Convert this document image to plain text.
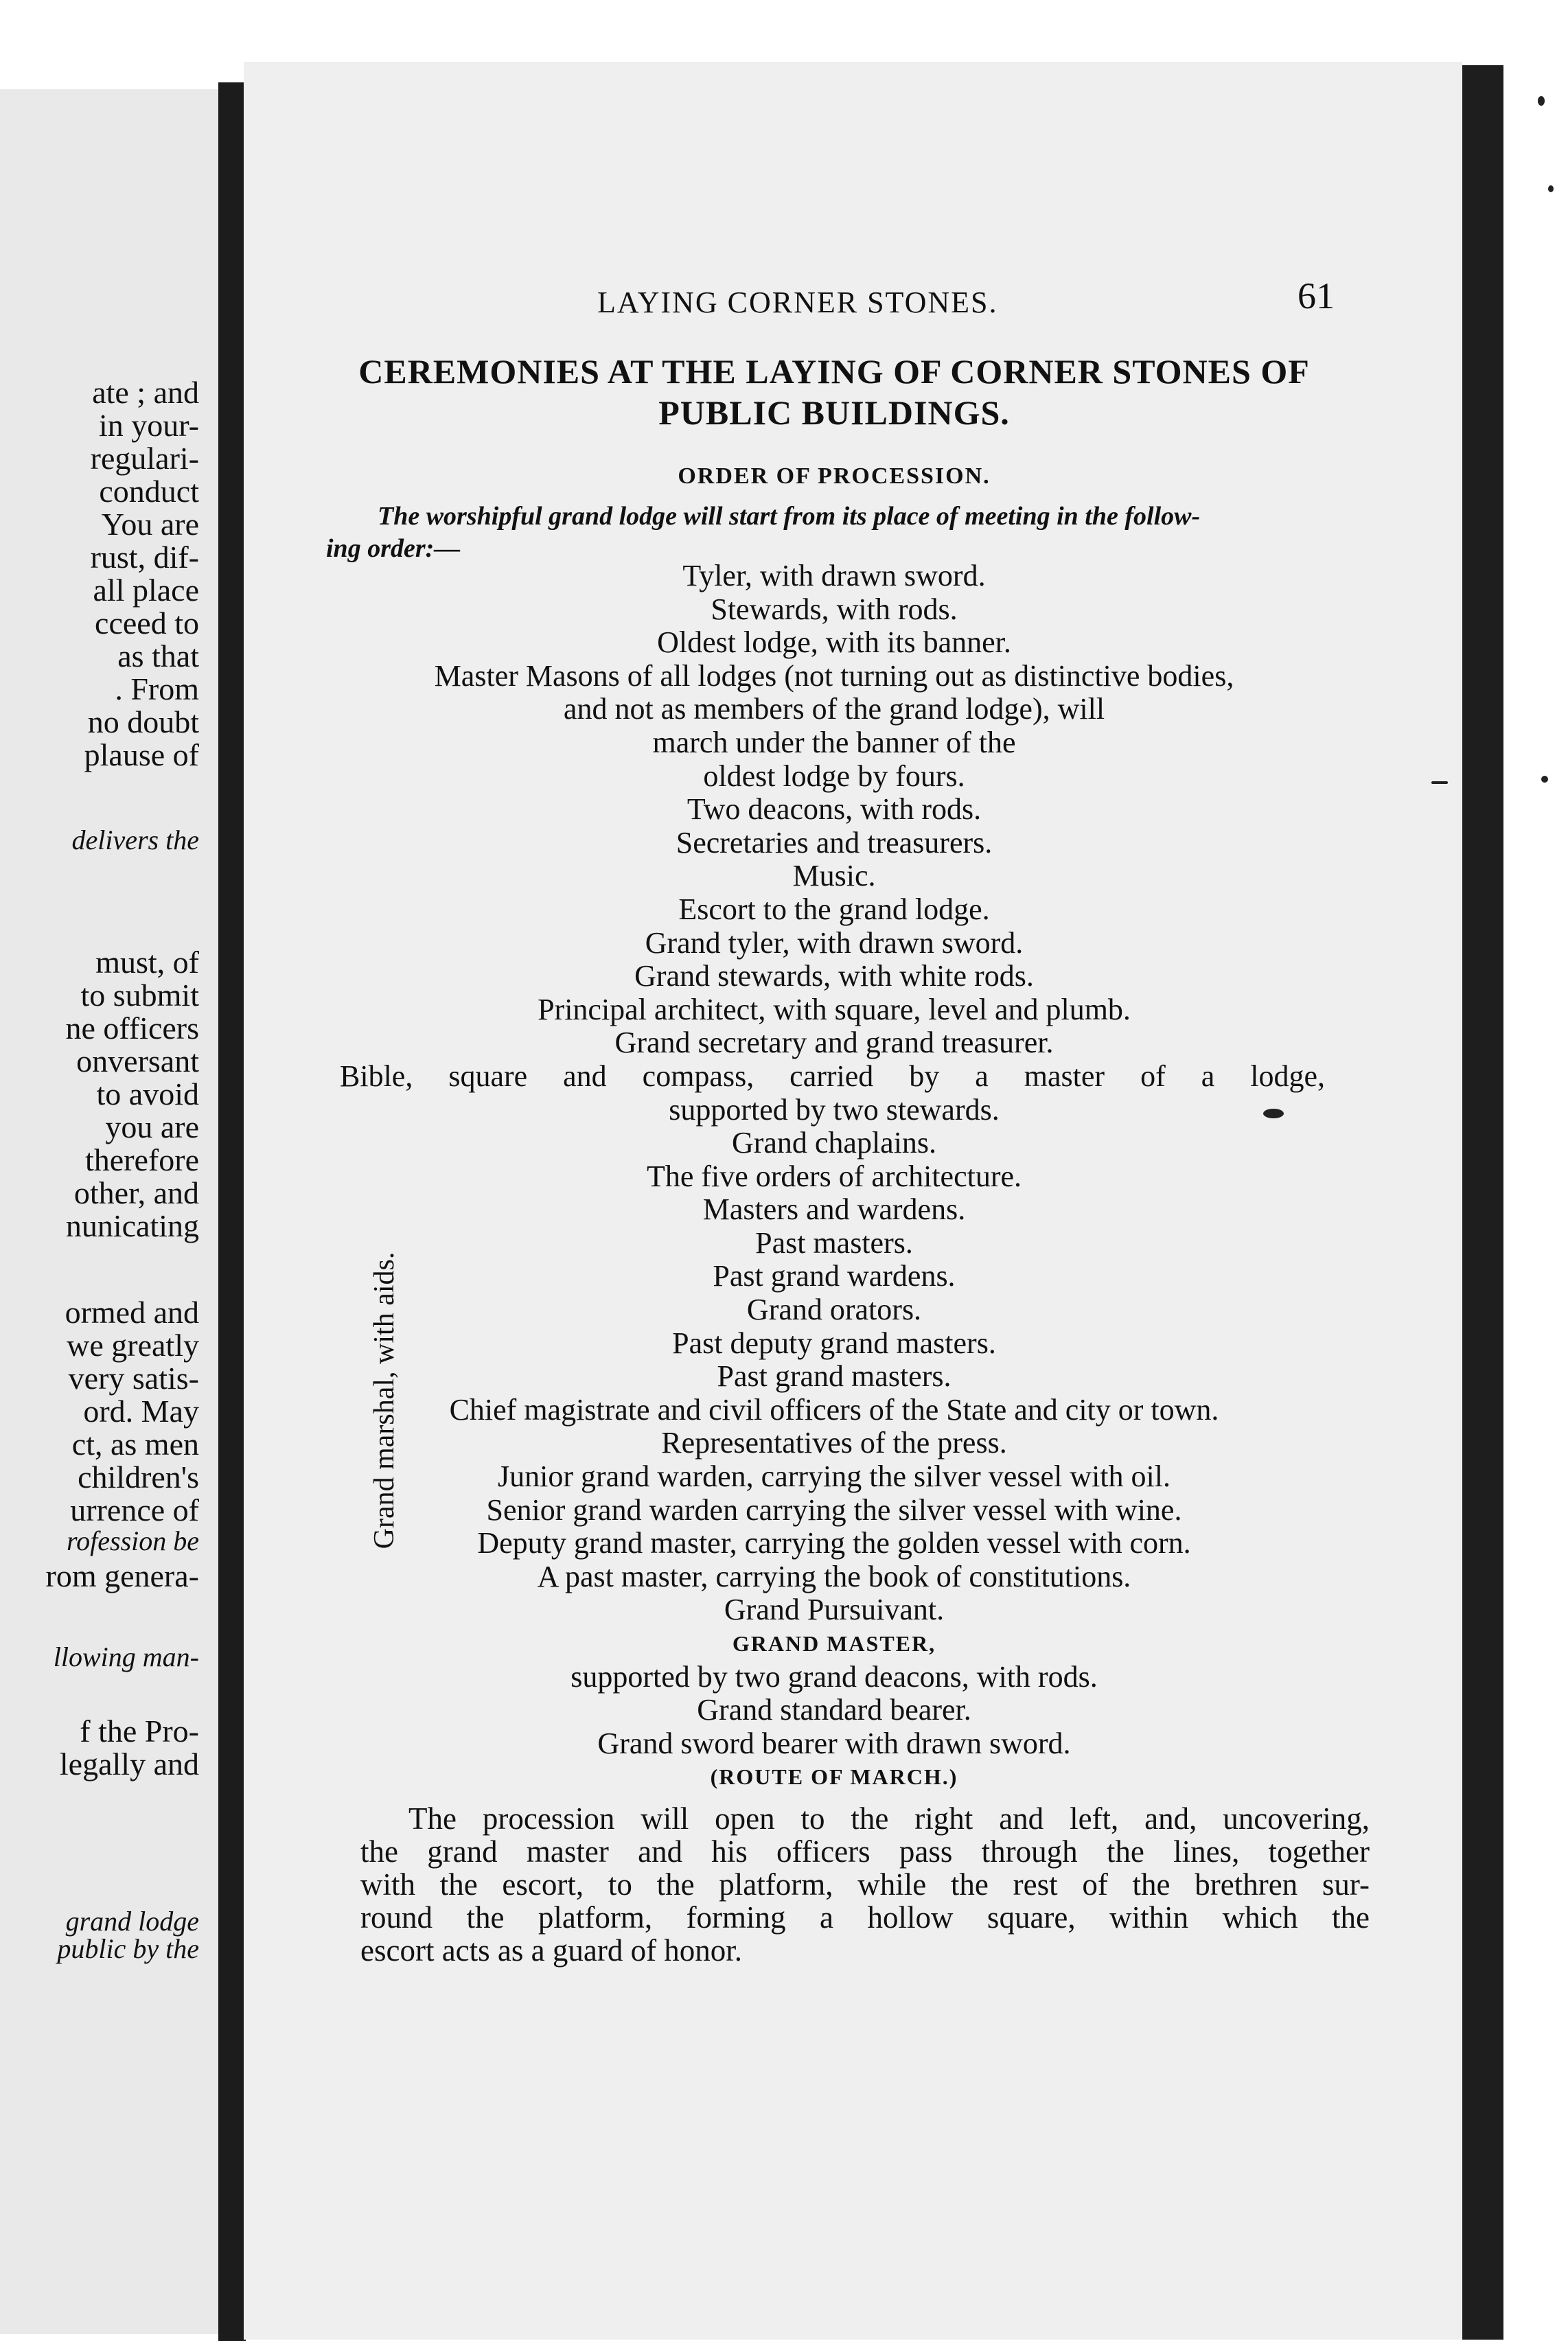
ate ; and
in your-
regulari-
conduct
You are
rust, dif-
all place
cceed to
as that
. From
no doubt
plause of
delivers the
must, of
to submit
ne officers
onversant
to avoid
you are
therefore
other, and
nunicating
ormed and
we greatly
very satis-
ord. May
ct, as men
children's
urrence of
rofession be
rom genera-
llowing man-
f the Pro-
legally and
grand lodge
public by the
LAYING CORNER STONES.	61
CEREMONIES AT THE LAYING OF CORNER STONES OF
PUBLIC BUILDINGS.
ORDER OF PROCESSION.
The worshipful grand lodge will start from its place of meeting in the follow-
ing order:—
Tyler, with drawn sword.
Stewards, with rods.
Oldest lodge, with its banner.
Master Masons of all lodges (not turning out as distinctive bodies,
and not as members of the grand lodge), will
march under the banner of the
oldest lodge by fours.
Two deacons, with rods.
Secretaries and treasurers.
Music.
Escort to the grand lodge.
Grand tyler, with drawn sword.
Grand stewards, with white rods.
Principal architect, with square, level and plumb.
Grand secretary and grand treasurer.
Bible, square and compass, carried by a master of a lodge,
supported by two stewards.
Grand chaplains.
The five orders of architecture.
Masters and wardens.
Past masters.
Past grand wardens.
Grand orators.
Past deputy grand masters.
Past grand masters.
Chief magistrate and civil officers of the State and city or town.
Representatives of the press.
Junior grand warden, carrying the silver vessel with oil.
Senior grand warden carrying the silver vessel with wine.
Deputy grand master, carrying the golden vessel with corn.
A past master, carrying the book of constitutions.
Grand Pursuivant.
GRAND MASTER,
supported by two grand deacons, with rods.
Grand standard bearer.
Grand sword bearer with drawn sword.
Grand marshal, with aids.
(ROUTE OF MARCH.)
The procession will open to the right and left, and, uncovering,
the grand master and his officers pass through the lines, together
with the escort, to the platform, while the rest of the brethren sur-
round the platform, forming a hollow square, within which the
escort acts as a guard of honor.
